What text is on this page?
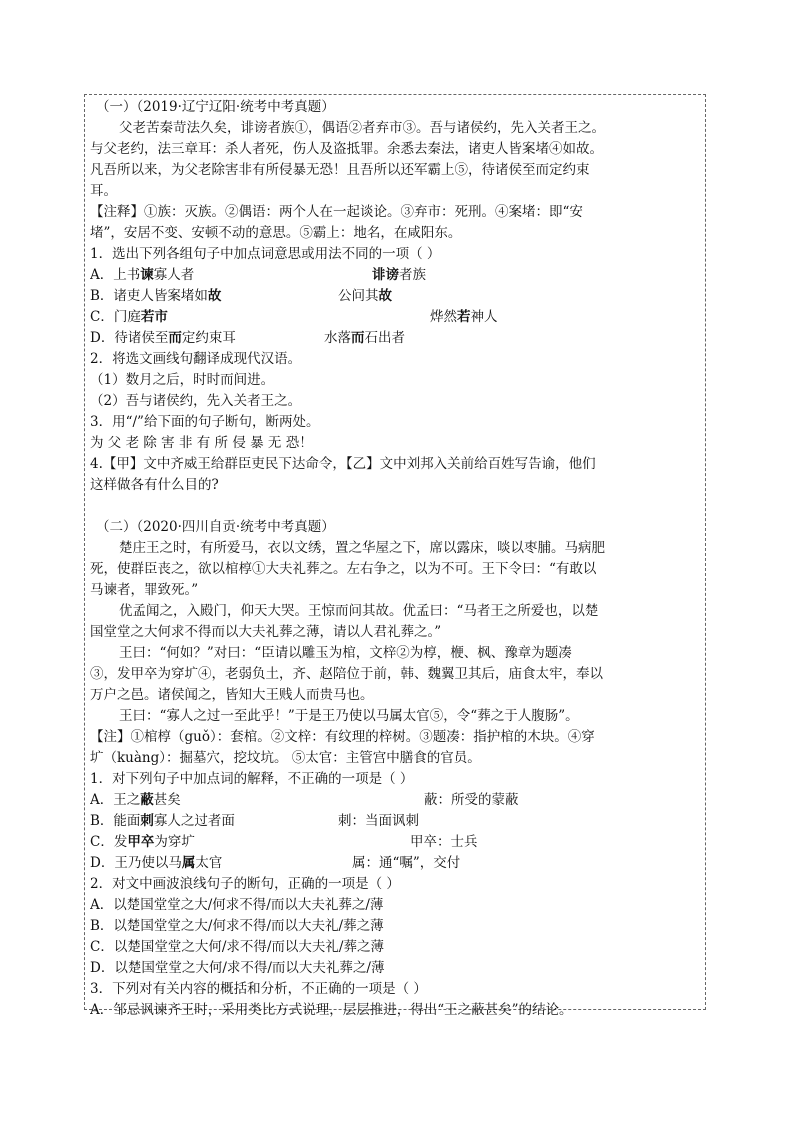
（一）（2019·辽宁辽阳·统考中考真题）
父老苦秦苛法久矣，诽谤者族①，偶语②者弃市③。吾与诸侯约，先入关者王之。
与父老约，法三章耳：杀人者死，伤人及盗抵罪。余悉去秦法，诸吏人皆案堵④如故。
凡吾所以来，为父老除害非有所侵暴无恐！且吾所以还军霸上⑤，待诸侯至而定约束
耳。
【注释】①族：灭族。②偶语：两个人在一起谈论。③弃市：死刑。④案堵：即“安
堵”，安居不变、安顿不动的意思。⑤霸上：地名，在咸阳东。
1．选出下列各组句子中加点词意思或用法不同的一项（ ）
A．上书谏寡人者	诽谤者族
B．诸吏人皆案堵如故	公问其故
C．门庭若市	烨然若神人
D．待诸侯至而定约束耳	水落而石出者
2．将选文画线句翻译成现代汉语。
（1）数月之后，时时而间进。
（2）吾与诸侯约，先入关者王之。
3．用“/”给下面的句子断句，断两处。
为 父 老 除 害 非 有 所 侵 暴 无 恐！
4.【甲】文中齐威王给群臣吏民下达命令，【乙】文中刘邦入关前给百姓写告谕，他们
这样做各有什么目的?
（二）（2020·四川自贡·统考中考真题）
楚庄王之时，有所爱马，衣以文绣，置之华屋之下，席以露床，啖以枣脯。马病肥
死，使群臣丧之，欲以棺椁①大夫礼葬之。左右争之，以为不可。王下令曰：“有敢以
马谏者，罪致死。”
优孟闻之，入殿门，仰天大哭。王惊而问其故。优孟曰：“马者王之所爱也，以楚
国堂堂之大何求不得而以大夫礼葬之薄，请以人君礼葬之。”
王曰：“何如？”对曰：“臣请以雕玉为棺，文梓②为椁，楩、枫、豫章为题凑
③，发甲卒为穿圹④，老弱负土，齐、赵陪位于前，韩、魏翼卫其后，庙食太牢，奉以
万户之邑。诸侯闻之，皆知大王贱人而贵马也。
王曰：“寡人之过一至此乎！”于是王乃使以马属太官⑤，令“葬之于人腹肠”。
【注】①棺椁（guǒ）：套棺。②文梓：有纹理的梓树。③题凑：指护棺的木块。④穿
圹（kuàng）：掘墓穴，挖坟坑。 ⑤太官：主管宫中膳食的官员。
1．对下列句子中加点词的解释，不正确的一项是（ ）
A．王之蔽甚矣	蔽：所受的蒙蔽
B．能面刺寡人之过者面	刺：当面讽刺
C．发甲卒为穿圹	甲卒：士兵
D．王乃使以马属太官	属：通“嘱”，交付
2．对文中画波浪线句子的断句，正确的一项是（ ）
A．以楚国堂堂之大/何求不得/而以大夫礼葬之/薄
B．以楚国堂堂之大/何求不得/而以大夫礼/葬之薄
C．以楚国堂堂之大何/求不得/而以大夫礼/葬之薄
D．以楚国堂堂之大何/求不得/而以大夫礼葬之/薄
3．下列对有关内容的概括和分析，不正确的一项是（ ）
A．邹忌讽谏齐王时，采用类比方式说理，层层推进，得出“王之蔽甚矣”的结论。
